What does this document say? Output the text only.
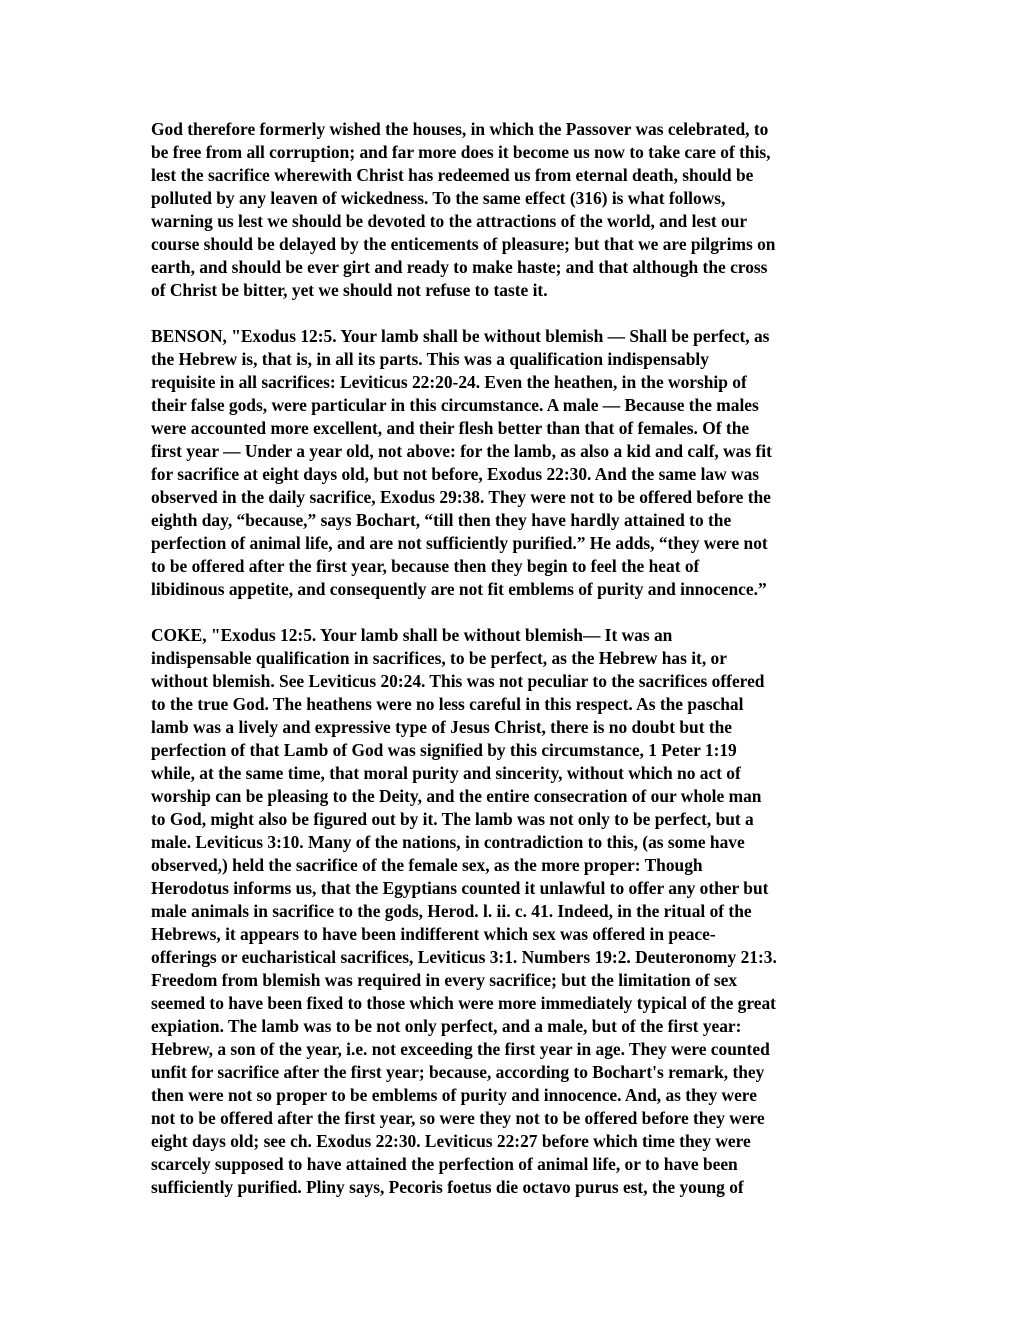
God therefore formerly wished the houses, in which the Passover was celebrated, to
be free from all corruption; and far more does it become us now to take care of this,
lest the sacrifice wherewith Christ has redeemed us from eternal death, should be
polluted by any leaven of wickedness. To the same effect (316) is what follows,
warning us lest we should be devoted to the attractions of the world, and lest our
course should be delayed by the enticements of pleasure; but that we are pilgrims on
earth, and should be ever girt and ready to make haste; and that although the cross
of Christ be bitter, yet we should not refuse to taste it.
BENSON, "Exodus 12:5. Your lamb shall be without blemish — Shall be perfect, as
the Hebrew is, that is, in all its parts. This was a qualification indispensably
requisite in all sacrifices: Leviticus 22:20-24. Even the heathen, in the worship of
their false gods, were particular in this circumstance. A male — Because the males
were accounted more excellent, and their flesh better than that of females. Of the
first year — Under a year old, not above: for the lamb, as also a kid and calf, was fit
for sacrifice at eight days old, but not before, Exodus 22:30. And the same law was
observed in the daily sacrifice, Exodus 29:38. They were not to be offered before the
eighth day, “because,” says Bochart, “till then they have hardly attained to the
perfection of animal life, and are not sufficiently purified.” He adds, “they were not
to be offered after the first year, because then they begin to feel the heat of
libidinous appetite, and consequently are not fit emblems of purity and innocence.”
COKE, "Exodus 12:5. Your lamb shall be without blemish— It was an
indispensable qualification in sacrifices, to be perfect, as the Hebrew has it, or
without blemish. See Leviticus 20:24. This was not peculiar to the sacrifices offered
to the true God. The heathens were no less careful in this respect. As the paschal
lamb was a lively and expressive type of Jesus Christ, there is no doubt but the
perfection of that Lamb of God was signified by this circumstance, 1 Peter 1:19
while, at the same time, that moral purity and sincerity, without which no act of
worship can be pleasing to the Deity, and the entire consecration of our whole man
to God, might also be figured out by it. The lamb was not only to be perfect, but a
male. Leviticus 3:10. Many of the nations, in contradiction to this, (as some have
observed,) held the sacrifice of the female sex, as the more proper: Though
Herodotus informs us, that the Egyptians counted it unlawful to offer any other but
male animals in sacrifice to the gods, Herod. l. ii. c. 41. Indeed, in the ritual of the
Hebrews, it appears to have been indifferent which sex was offered in peace-
offerings or eucharistical sacrifices, Leviticus 3:1. Numbers 19:2. Deuteronomy 21:3.
Freedom from blemish was required in every sacrifice; but the limitation of sex
seemed to have been fixed to those which were more immediately typical of the great
expiation. The lamb was to be not only perfect, and a male, but of the first year:
Hebrew, a son of the year, i.e. not exceeding the first year in age. They were counted
unfit for sacrifice after the first year; because, according to Bochart's remark, they
then were not so proper to be emblems of purity and innocence. And, as they were
not to be offered after the first year, so were they not to be offered before they were
eight days old; see ch. Exodus 22:30. Leviticus 22:27 before which time they were
scarcely supposed to have attained the perfection of animal life, or to have been
sufficiently purified. Pliny says, Pecoris foetus die octavo purus est, the young of
